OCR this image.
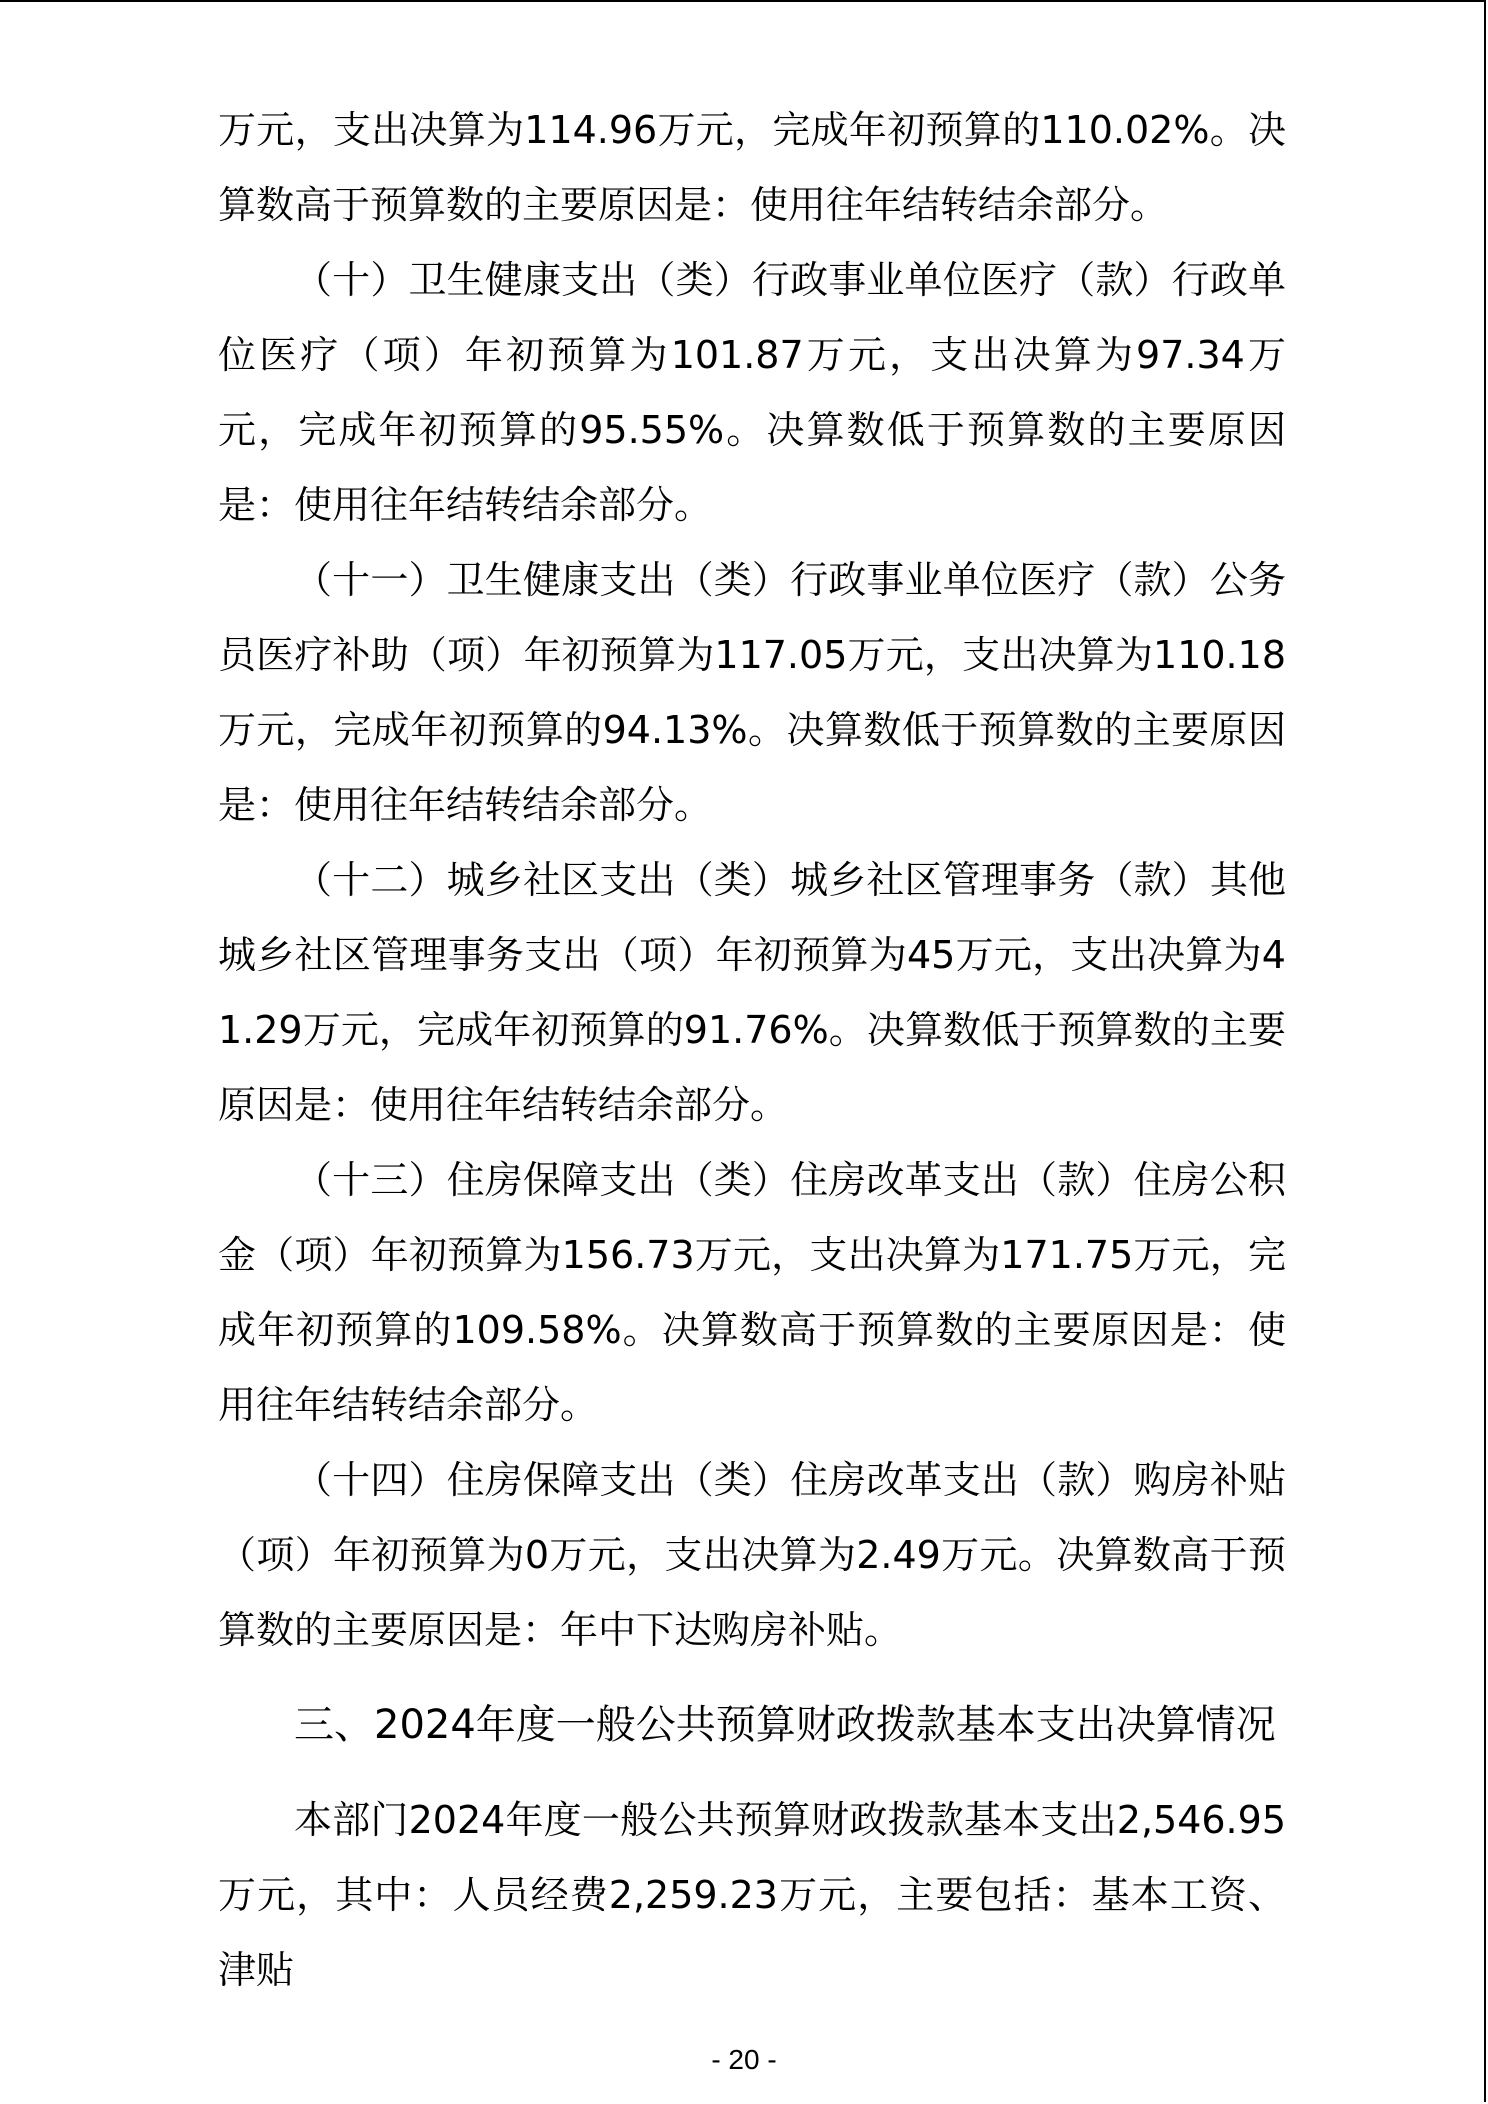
万元，支出决算为114.96万元，完成年初预算的110.02%。决算数高于预算数的主要原因是：使用往年结转结余部分。

（十）卫生健康支出（类）行政事业单位医疗（款）行政单位医疗（项）年初预算为101.87万元，支出决算为97.34万元，完成年初预算的95.55%。决算数低于预算数的主要原因是：使用往年结转结余部分。

（十一）卫生健康支出（类）行政事业单位医疗（款）公务员医疗补助（项）年初预算为117.05万元，支出决算为110.18万元，完成年初预算的94.13%。决算数低于预算数的主要原因是：使用往年结转结余部分。

（十二）城乡社区支出（类）城乡社区管理事务（款）其他城乡社区管理事务支出（项）年初预算为45万元，支出决算为41.29万元，完成年初预算的91.76%。决算数低于预算数的主要原因是：使用往年结转结余部分。

（十三）住房保障支出（类）住房改革支出（款）住房公积金（项）年初预算为156.73万元，支出决算为171.75万元，完成年初预算的109.58%。决算数高于预算数的主要原因是：使用往年结转结余部分。

（十四）住房保障支出（类）住房改革支出（款）购房补贴（项）年初预算为0万元，支出决算为2.49万元。决算数高于预算数的主要原因是：年中下达购房补贴。

三、2024年度一般公共预算财政拨款基本支出决算情况

本部门2024年度一般公共预算财政拨款基本支出2,546.95万元，其中：人员经费2,259.23万元，主要包括：基本工资、津贴

- 20 -
